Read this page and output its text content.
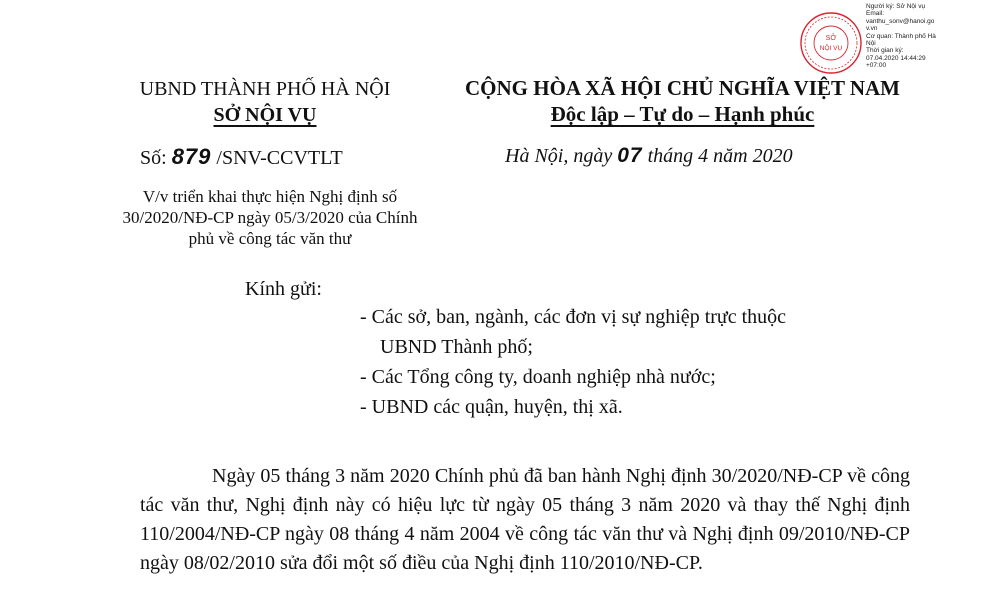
SỞ
NỘI VỤ
Người ký: Sở Nội vụ
Email:
vanthu_sonv@hanoi.go
v.vn
Cơ quan: Thành phố Hà
Nội
Thời gian ký:
07.04.2020 14:44:29
+07:00
UBND THÀNH PHỐ HÀ NỘI
SỞ NỘI VỤ
Số: 879 /SNV-CCVTLT
V/v triển khai thực hiện Nghị định số 30/2020/NĐ-CP ngày 05/3/2020 của Chính phủ về công tác văn thư
CỘNG HÒA XÃ HỘI CHỦ NGHĨA VIỆT NAM
Độc lập – Tự do – Hạnh phúc
Hà Nội, ngày 07 tháng 4 năm 2020
Kính gửi:
- Các sở, ban, ngành, các đơn vị sự nghiệp trực thuộc
UBND Thành phố;
- Các Tổng công ty, doanh nghiệp nhà nước;
- UBND các quận, huyện, thị xã.

Ngày 05 tháng 3 năm 2020 Chính phủ đã ban hành Nghị định 30/2020/NĐ-CP về công tác văn thư, Nghị định này có hiệu lực từ ngày 05 tháng 3 năm 2020 và thay thế Nghị định 110/2004/NĐ-CP ngày 08 tháng 4 năm 2004 về công tác văn thư và Nghị định 09/2010/NĐ-CP ngày 08/02/2010 sửa đổi một số điều của Nghị định 110/2010/NĐ-CP.
